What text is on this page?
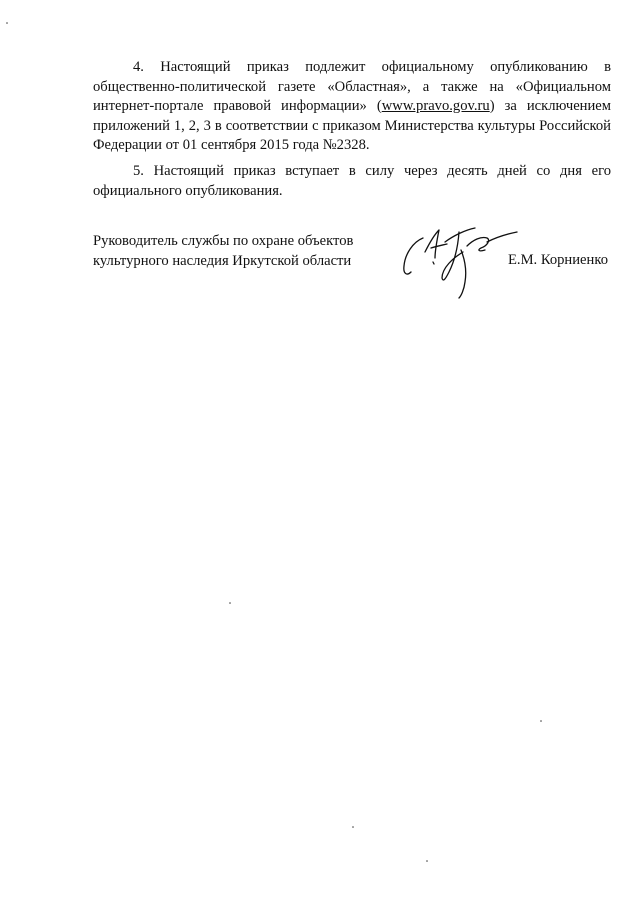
4. Настоящий приказ подлежит официальному опубликованию в общественно-политической газете «Областная», а также на «Официальном интернет-портале правовой информации» (www.pravo.gov.ru) за исключением приложений 1, 2, 3 в соответствии с приказом Министерства культуры Российской Федерации от 01 сентября 2015 года №2328.

5. Настоящий приказ вступает в силу через десять дней со дня его официального опубликования.

Руководитель службы по охране объектов
культурного наследия Иркутской области	Е.М. Корниенко
